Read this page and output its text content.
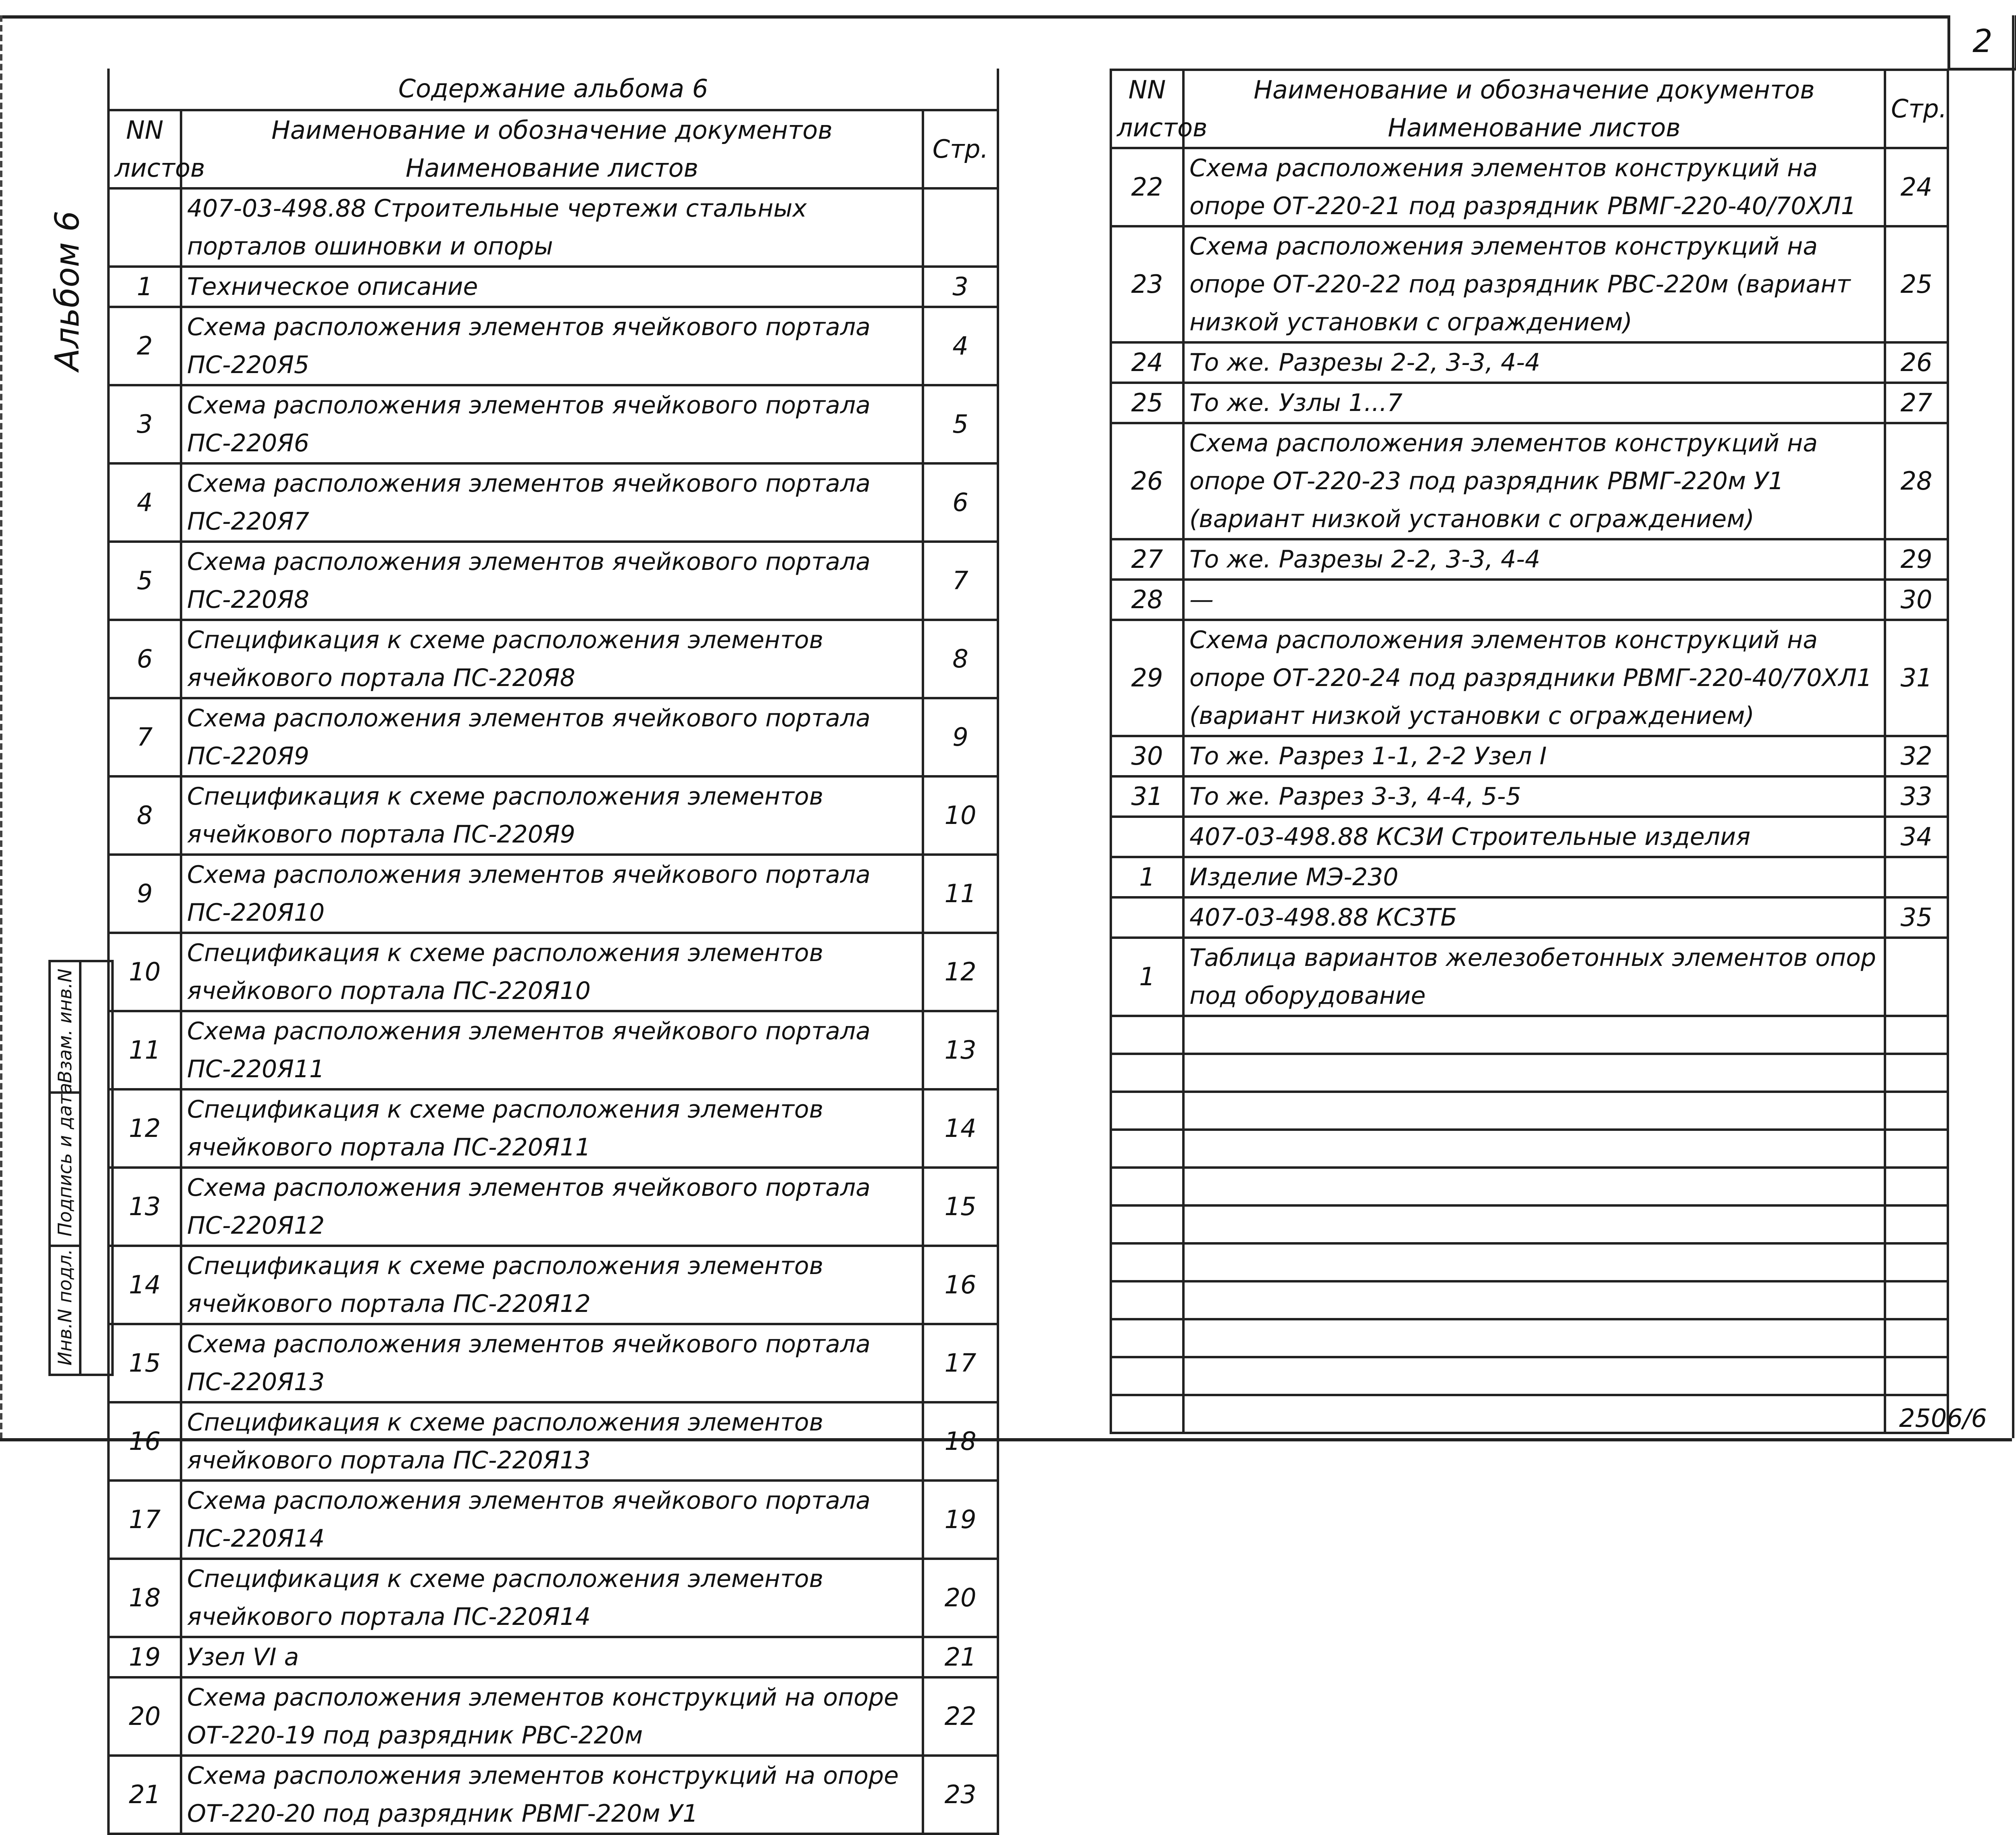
2
Альбом 6
Взам. инв.N
Подпись и дата
Инв.N подл.
Содержание альбома 6		
NN листов	Наименование и обозначение документов Наименование листов	Стр.
	407-03-498.88 Строительные чертежи стальных порталов ошиновки и опоры	
1	Техническое описание	3
2	Схема расположения элементов ячейкового портала ПС-220Я5	4
3	Схема расположения элементов ячейкового портала ПС-220Я6	5
4	Схема расположения элементов ячейкового портала ПС-220Я7	6
5	Схема расположения элементов ячейкового портала ПС-220Я8	7
6	Спецификация к схеме расположения элементов ячейкового портала ПС-220Я8	8
7	Схема расположения элементов ячейкового портала ПС-220Я9	9
8	Спецификация к схеме расположения элементов ячейкового портала ПС-220Я9	10
9	Схема расположения элементов ячейкового портала ПС-220Я10	11
10	Спецификация к схеме расположения элементов ячейкового портала ПС-220Я10	12
11	Схема расположения элементов ячейкового портала ПС-220Я11	13
12	Спецификация к схеме расположения элементов ячейкового портала ПС-220Я11	14
13	Схема расположения элементов ячейкового портала ПС-220Я12	15
14	Спецификация к схеме расположения элементов ячейкового портала ПС-220Я12	16
15	Схема расположения элементов ячейкового портала ПС-220Я13	17
16	Спецификация к схеме расположения элементов ячейкового портала ПС-220Я13	18
17	Схема расположения элементов ячейкового портала ПС-220Я14	19
18	Спецификация к схеме расположения элементов ячейкового портала ПС-220Я14	20
19	Узел VI а	21
20	Схема расположения элементов конструкций на опоре ОТ-220-19 под разрядник РВС-220м	22
21	Схема расположения элементов конструкций на опоре ОТ-220-20 под разрядник РВМГ-220м У1	23
NN листов	Наименование и обозначение документов Наименование листов	Стр.
22	Схема расположения элементов конструкций на опоре ОТ-220-21 под разрядник РВМГ-220-40/70ХЛ1	24
23	Схема расположения элементов конструкций на опоре ОТ-220-22 под разрядник РВС-220м (вариант низкой установки с ограждением)	25
24	То же. Разрезы 2-2, 3-3, 4-4	26
25	То же. Узлы 1...7	27
26	Схема расположения элементов конструкций на опоре ОТ-220-23 под разрядник РВМГ-220м У1 (вариант низкой установки с ограждением)	28
27	То же. Разрезы 2-2, 3-3, 4-4	29
28	—	30
29	Схема расположения элементов конструкций на опоре ОТ-220-24 под разрядники РВМГ-220-40/70ХЛ1 (вариант низкой установки с ограждением)	31
30	То же. Разрез 1-1, 2-2 Узел I	32
31	То же. Разрез 3-3, 4-4, 5-5	33
	407-03-498.88 КС3И Строительные изделия	34
1	Изделие МЭ-230	
	407-03-498.88 КС3ТБ	35
1	Таблица вариантов железобетонных элементов опор под оборудование	

2506/6
